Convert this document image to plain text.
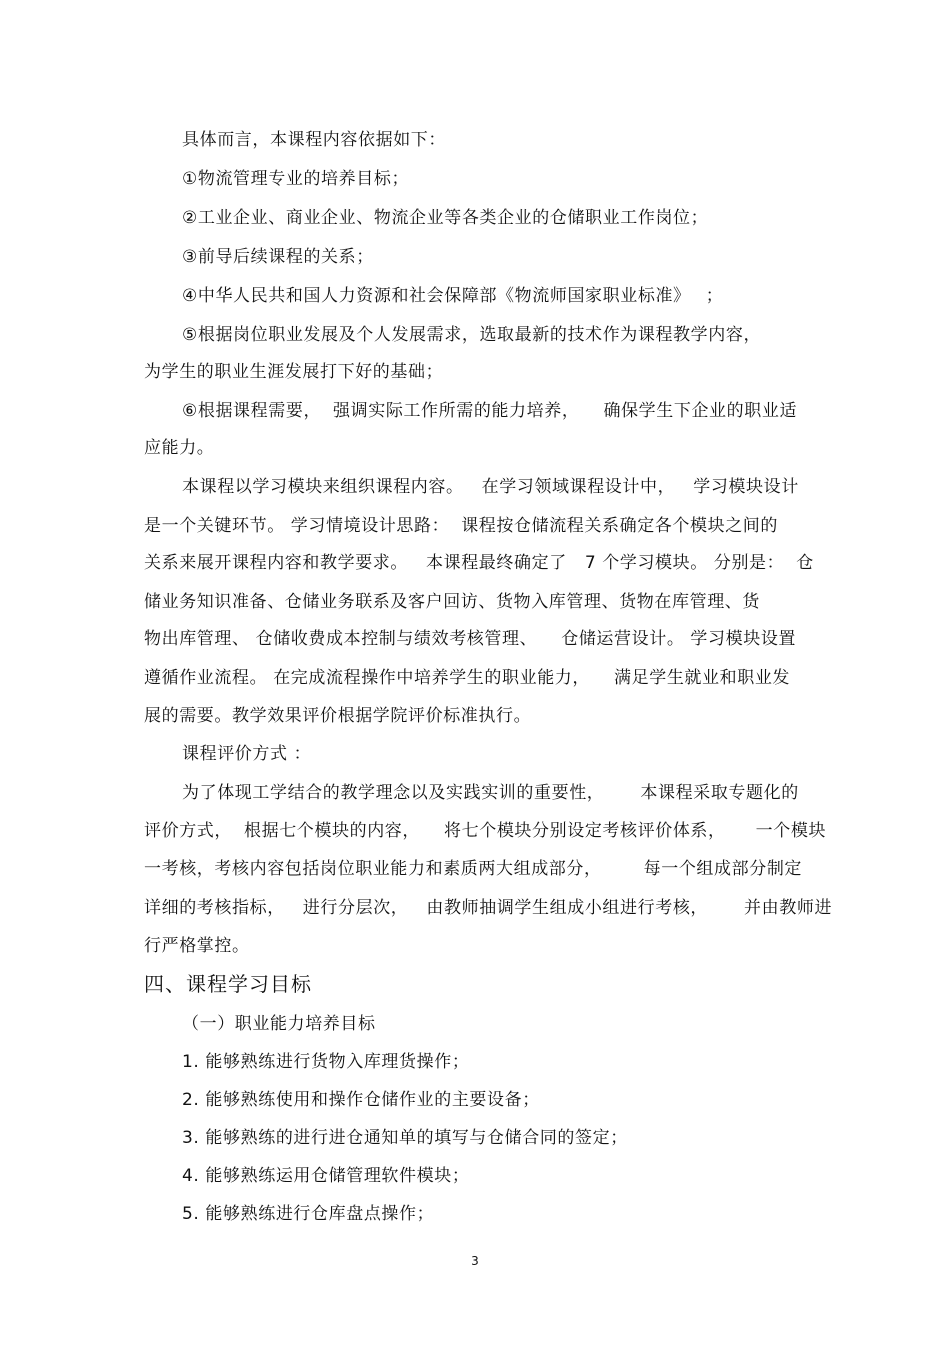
具体而言，本课程内容依据如下：
①物流管理专业的培养目标；
②工业企业、商业企业、物流企业等各类企业的仓储职业工作岗位；
③前导后续课程的关系；
④中华人民共和国人力资源和社会保障部《物流师国家职业标准》　 ；
⑤根据岗位职业发展及个人发展需求，选取最新的技术作为课程教学内容，
为学生的职业生涯发展打下好的基础；
⑥根据课程需要，  强调实际工作所需的能力培养，    确保学生下企业的职业适
应能力。
本课程以学习模块来组织课程内容。   在学习领域课程设计中，   学习模块设计
是一个关键环节。 学习情境设计思路：  课程按仓储流程关系确定各个模块之间的
关系来展开课程内容和教学要求。   本课程最终确定了   7 个学习模块。 分别是：  仓
储业务知识准备、仓储业务联系及客户回访、货物入库管理、货物在库管理、货
物出库管理、 仓储收费成本控制与绩效考核管理、    仓储运营设计。 学习模块设置
遵循作业流程。 在完成流程操作中培养学生的职业能力，    满足学生就业和职业发
展的需要。教学效果评价根据学院评价标准执行。
课程评价方式 ：
为了体现工学结合的教学理念以及实践实训的重要性，      本课程采取专题化的
评价方式，  根据七个模块的内容，    将七个模块分别设定考核评价体系，     一个模块
一考核，考核内容包括岗位职业能力和素质两大组成部分，       每一个组成部分制定
详细的考核指标，   进行分层次，   由教师抽调学生组成小组进行考核，      并由教师进
行严格掌控。
四、课程学习目标
（一）职业能力培养目标
1. 能够熟练进行货物入库理货操作；
2. 能够熟练使用和操作仓储作业的主要设备；
3. 能够熟练的进行进仓通知单的填写与仓储合同的签定；
4. 能够熟练运用仓储管理软件模块；
5. 能够熟练进行仓库盘点操作；
3
